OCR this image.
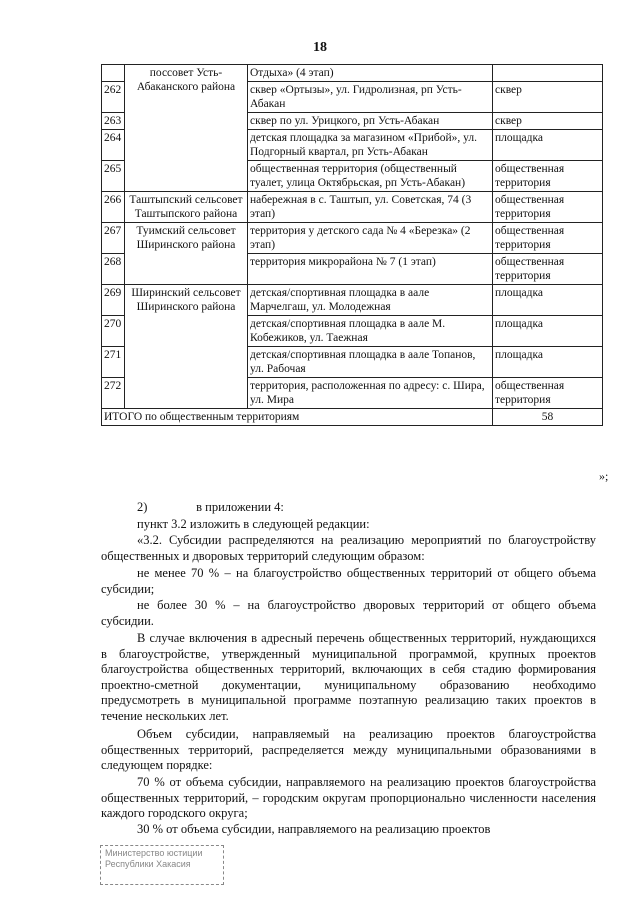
18
	поссовет Усть-Абаканского района	Отдыха» (4 этап)	
262		сквер «Ортызы», ул. Гидролизная, рп Усть-Абакан	сквер
263		сквер по ул. Урицкого, рп Усть-Абакан	сквер
264		детская площадка за магазином «Прибой», ул. Подгорный квартал, рп Усть-Абакан	площадка
265		общественная территория (общественный туалет, улица Октябрьская, рп Усть-Абакан)	общественная территория
266	Таштыпский сельсовет Таштыпского района	набережная в с. Таштып, ул. Советская, 74 (3 этап)	общественная территория
267	Туимский сельсовет Ширинского района	территория у детского сада № 4 «Березка» (2 этап)	общественная территория
268		территория микрорайона № 7 (1 этап)	общественная территория
269	Ширинский сельсовет Ширинского района	детская/спортивная площадка в аале Марчелгаш, ул. Молодежная	площадка
270		детская/спортивная площадка в аале М. Кобежиков, ул. Таежная	площадка
271		детская/спортивная площадка в аале Топанов, ул. Рабочая	площадка
272		территория, расположенная по адресу: с. Шира, ул. Мира	общественная территория
ИТОГО по общественным территориям			58
»;
2)	в приложении 4:
пункт 3.2 изложить в следующей редакции:
«3.2. Субсидии распределяются на реализацию мероприятий по благоустройству общественных и дворовых территорий следующим образом:
не менее 70 % – на благоустройство общественных территорий от общего объема субсидии;
не более 30 % – на благоустройство дворовых территорий от общего объема субсидии.
В случае включения в адресный перечень общественных территорий, нуждающихся в благоустройстве, утвержденный муниципальной программой, крупных проектов благоустройства общественных территорий, включающих в себя стадию формирования проектно-сметной документации, муниципальному образованию необходимо предусмотреть в муниципальной программе поэтапную реализацию таких проектов в течение нескольких лет.
Объем субсидии, направляемый на реализацию проектов благоустройства общественных территорий, распределяется между муниципальными образованиями в следующем порядке:
70 % от объема субсидии, направляемого на реализацию проектов благоустройства общественных территорий, – городским округам пропорционально численности населения каждого городского округа;
30 % от объема субсидии, направляемого на реализацию проектов
Министерство юстиции
Республики Хакасия
